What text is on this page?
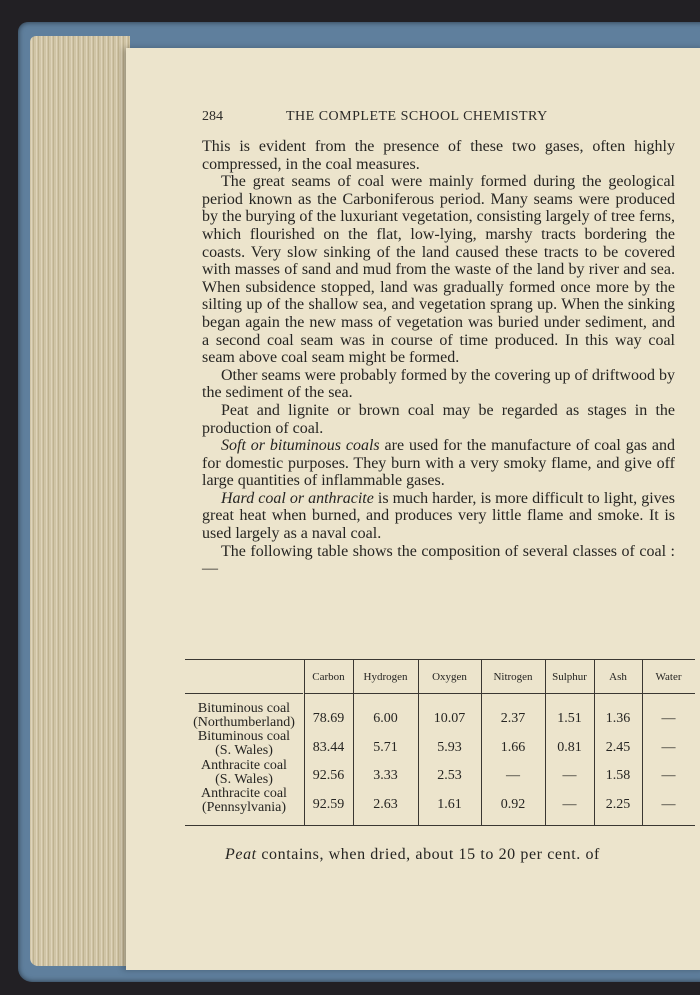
284	THE COMPLETE SCHOOL CHEMISTRY

This is evident from the presence of these two gases, often highly compressed, in the coal measures.

The great seams of coal were mainly formed during the geological period known as the Carboniferous period. Many seams were produced by the burying of the luxuriant vegetation, consisting largely of tree ferns, which flourished on the flat, low-lying, marshy tracts bordering the coasts. Very slow sinking of the land caused these tracts to be covered with masses of sand and mud from the waste of the land by river and sea. When subsidence stopped, land was gradually formed once more by the silting up of the shallow sea, and vegetation sprang up. When the sinking began again the new mass of vegetation was buried under sediment, and a second coal seam was in course of time produced. In this way coal seam above coal seam might be formed.

Other seams were probably formed by the covering up of driftwood by the sediment of the sea.

Peat and lignite or brown coal may be regarded as stages in the production of coal.

Soft or bituminous coals are used for the manufacture of coal gas and for domestic purposes. They burn with a very smoky flame, and give off large quantities of inflammable gases.

Hard coal or anthracite is much harder, is more difficult to light, gives great heat when burned, and produces very little flame and smoke. It is used largely as a naval coal.

The following table shows the composition of several classes of coal :—

Carbon	Hydrogen	Oxygen	Nitrogen	Sulphur	Ash	Water
Bituminous coal
(Northumberland)	78.69	6.00	10.07	2.37	1.51	1.36	—
Bituminous coal
(S. Wales)	83.44	5.71	5.93	1.66	0.81	2.45	—
Anthracite coal
(S. Wales)	92.56	3.33	2.53	—	—	1.58	—
Anthracite coal
(Pennsylvania)	92.59	2.63	1.61	0.92	—	2.25	—
Peat contains, when dried, about 15 to 20 per cent. of
